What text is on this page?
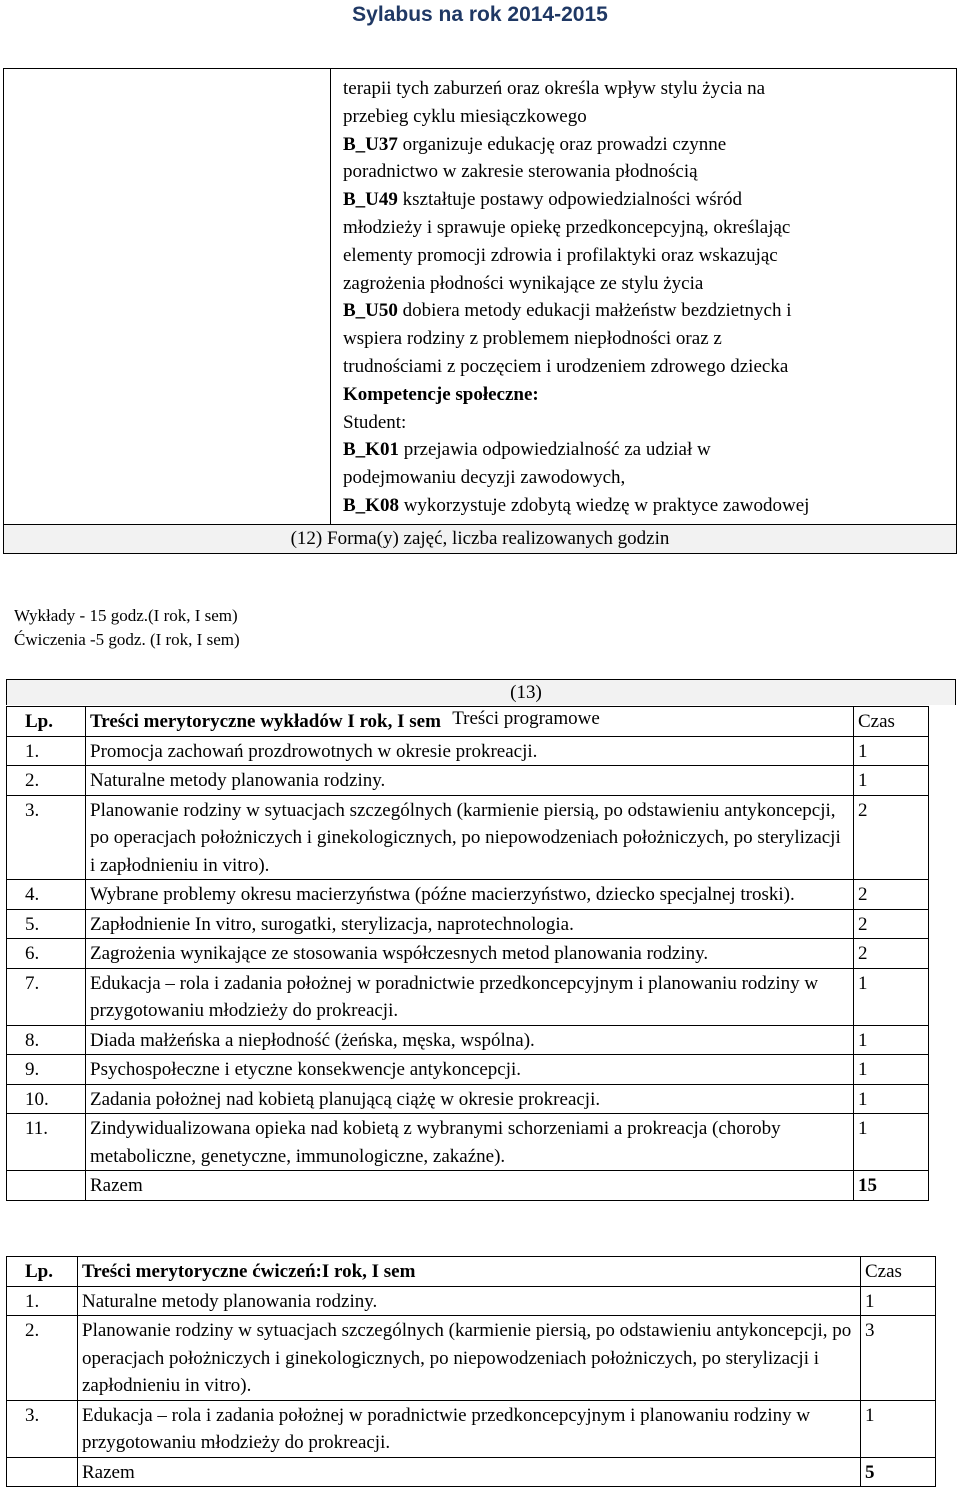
Sylabus na rok 2014-2015

terapii tych zaburzeń oraz określa wpływ stylu życia na
przebieg cyklu miesiączkowego
B_U37 organizuje edukację oraz prowadzi czynne
poradnictwo w zakresie sterowania płodnością
B_U49 kształtuje postawy odpowiedzialności wśród
młodzieży i sprawuje opiekę przedkoncepcyjną, określając
elementy promocji zdrowia i profilaktyki oraz wskazując
zagrożenia płodności wynikające ze stylu życia
B_U50 dobiera metody edukacji małżeństw bezdzietnych i
wspiera rodziny z problemem niepłodności oraz z
trudnościami z poczęciem i urodzeniem zdrowego dziecka
Kompetencje społeczne:
Student:
B_K01 przejawia odpowiedzialność za udział w
podejmowaniu decyzji zawodowych,
B_K08 wykorzystuje zdobytą wiedzę w praktyce zawodowej

(12) Forma(y) zajęć, liczba realizowanych godzin
Wykłady - 15 godz.(I rok, I sem)
Ćwiczenia -5 godz. (I rok, I sem)
(13)Treści programowe
Lp.	Treści merytoryczne wykładów I rok, I sem	Czas
1.	Promocja zachowań prozdrowotnych w okresie prokreacji.	1
2.	Naturalne metody planowania rodziny.	1
3.	Planowanie rodziny w sytuacjach szczególnych (karmienie piersią, po odstawieniu antykoncepcji, po operacjach położniczych i ginekologicznych, po niepowodzeniach położniczych, po sterylizacji i zapłodnieniu in vitro).	2
4.	Wybrane problemy okresu macierzyństwa (późne macierzyństwo, dziecko specjalnej troski).	2
5.	Zapłodnienie In vitro, surogatki, sterylizacja, naprotechnologia.	2
6.	Zagrożenia wynikające ze stosowania współczesnych metod planowania rodziny.	2
7.	Edukacja – rola i zadania położnej w poradnictwie przedkoncepcyjnym i planowaniu rodziny w przygotowaniu młodzieży do prokreacji.	1
8.	Diada małżeńska a niepłodność (żeńska, męska, wspólna).	1
9.	Psychospołeczne i etyczne konsekwencje antykoncepcji.	1
10.	Zadania położnej nad kobietą planującą ciążę w okresie prokreacji.	1
11.	Zindywidualizowana opieka nad kobietą z wybranymi schorzeniami a prokreacja (choroby metaboliczne, genetyczne, immunologiczne, zakaźne).	1
	Razem	15
Lp.	Treści merytoryczne ćwiczeń:I rok, I sem	Czas
1.	Naturalne metody planowania rodziny.	1
2.	Planowanie rodziny w sytuacjach szczególnych (karmienie piersią, po odstawieniu antykoncepcji, po operacjach położniczych i ginekologicznych, po niepowodzeniach położniczych, po sterylizacji i zapłodnieniu in vitro).	3
3.	Edukacja – rola i zadania położnej w poradnictwie przedkoncepcyjnym i planowaniu rodziny w przygotowaniu młodzieży do prokreacji.	1
	Razem	5
